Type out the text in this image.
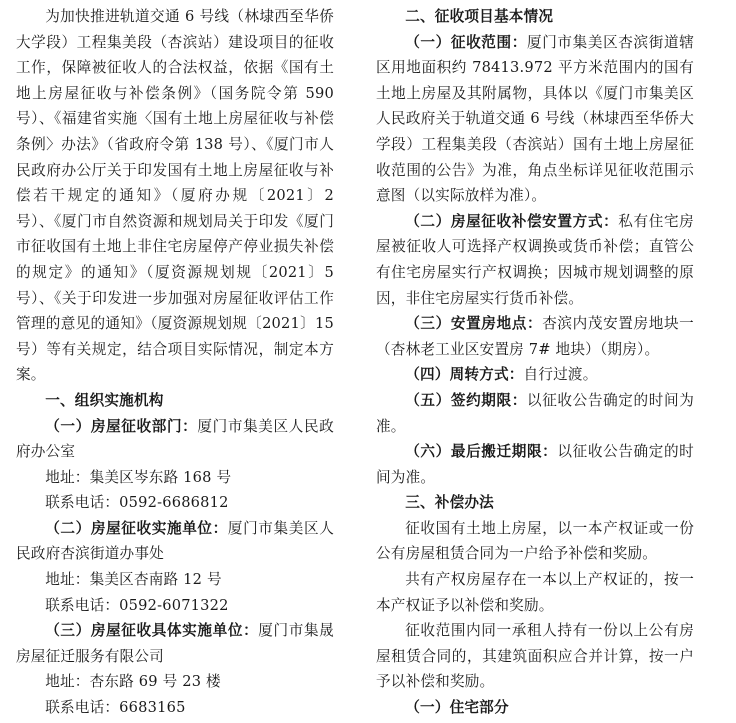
为加快推进轨道交通 6 号线（林埭西至华侨大学段）工程集美段（杏滨站）建设项目的征收工作，保障被征收人的合法权益，依据《国有土地上房屋征收与补偿条例》（国务院令第 590 号）、《福建省实施〈国有土地上房屋征收与补偿条例〉办法》（省政府令第 138 号）、《厦门市人民政府办公厅关于印发国有土地上房屋征收与补偿若干规定的通知》（厦府办规〔2021〕2 号）、《厦门市自然资源和规划局关于印发《厦门市征收国有土地上非住宅房屋停产停业损失补偿的规定》的通知》（厦资源规划规〔2021〕5 号）、《关于印发进一步加强对房屋征收评估工作管理的意见的通知》（厦资源规划规〔2021〕15 号）等有关规定，结合项目实际情况，制定本方案。

一、组织实施机构

（一）房屋征收部门：厦门市集美区人民政府办公室

地址：集美区岑东路 168 号

联系电话：0592-6686812

（二）房屋征收实施单位：厦门市集美区人民政府杏滨街道办事处

地址：集美区杏南路 12 号

联系电话：0592-6071322

（三）房屋征收具体实施单位：厦门市集晟房屋征迁服务有限公司

地址：杏东路 69 号 23 楼

联系电话：6683165

二、征收项目基本情况

（一）征收范围：厦门市集美区杏滨街道辖区用地面积约 78413.972 平方米范围内的国有土地上房屋及其附属物，具体以《厦门市集美区人民政府关于轨道交通 6 号线（林埭西至华侨大学段）工程集美段（杏滨站）国有土地上房屋征收范围的公告》为准，角点坐标详见征收范围示意图（以实际放样为准）。

（二）房屋征收补偿安置方式：私有住宅房屋被征收人可选择产权调换或货币补偿；直管公有住宅房屋实行产权调换；因城市规划调整的原因，非住宅房屋实行货币补偿。

（三）安置房地点：杏滨内茂安置房地块一（杏林老工业区安置房 7# 地块）（期房）。

（四）周转方式：自行过渡。

（五）签约期限：以征收公告确定的时间为准。

（六）最后搬迁期限：以征收公告确定的时间为准。

三、补偿办法

征收国有土地上房屋，以一本产权证或一份公有房屋租赁合同为一户给予补偿和奖励。

共有产权房屋存在一本以上产权证的，按一本产权证予以补偿和奖励。

征收范围内同一承租人持有一份以上公有房屋租赁合同的，其建筑面积应合并计算，按一户予以补偿和奖励。

（一）住宅部分
